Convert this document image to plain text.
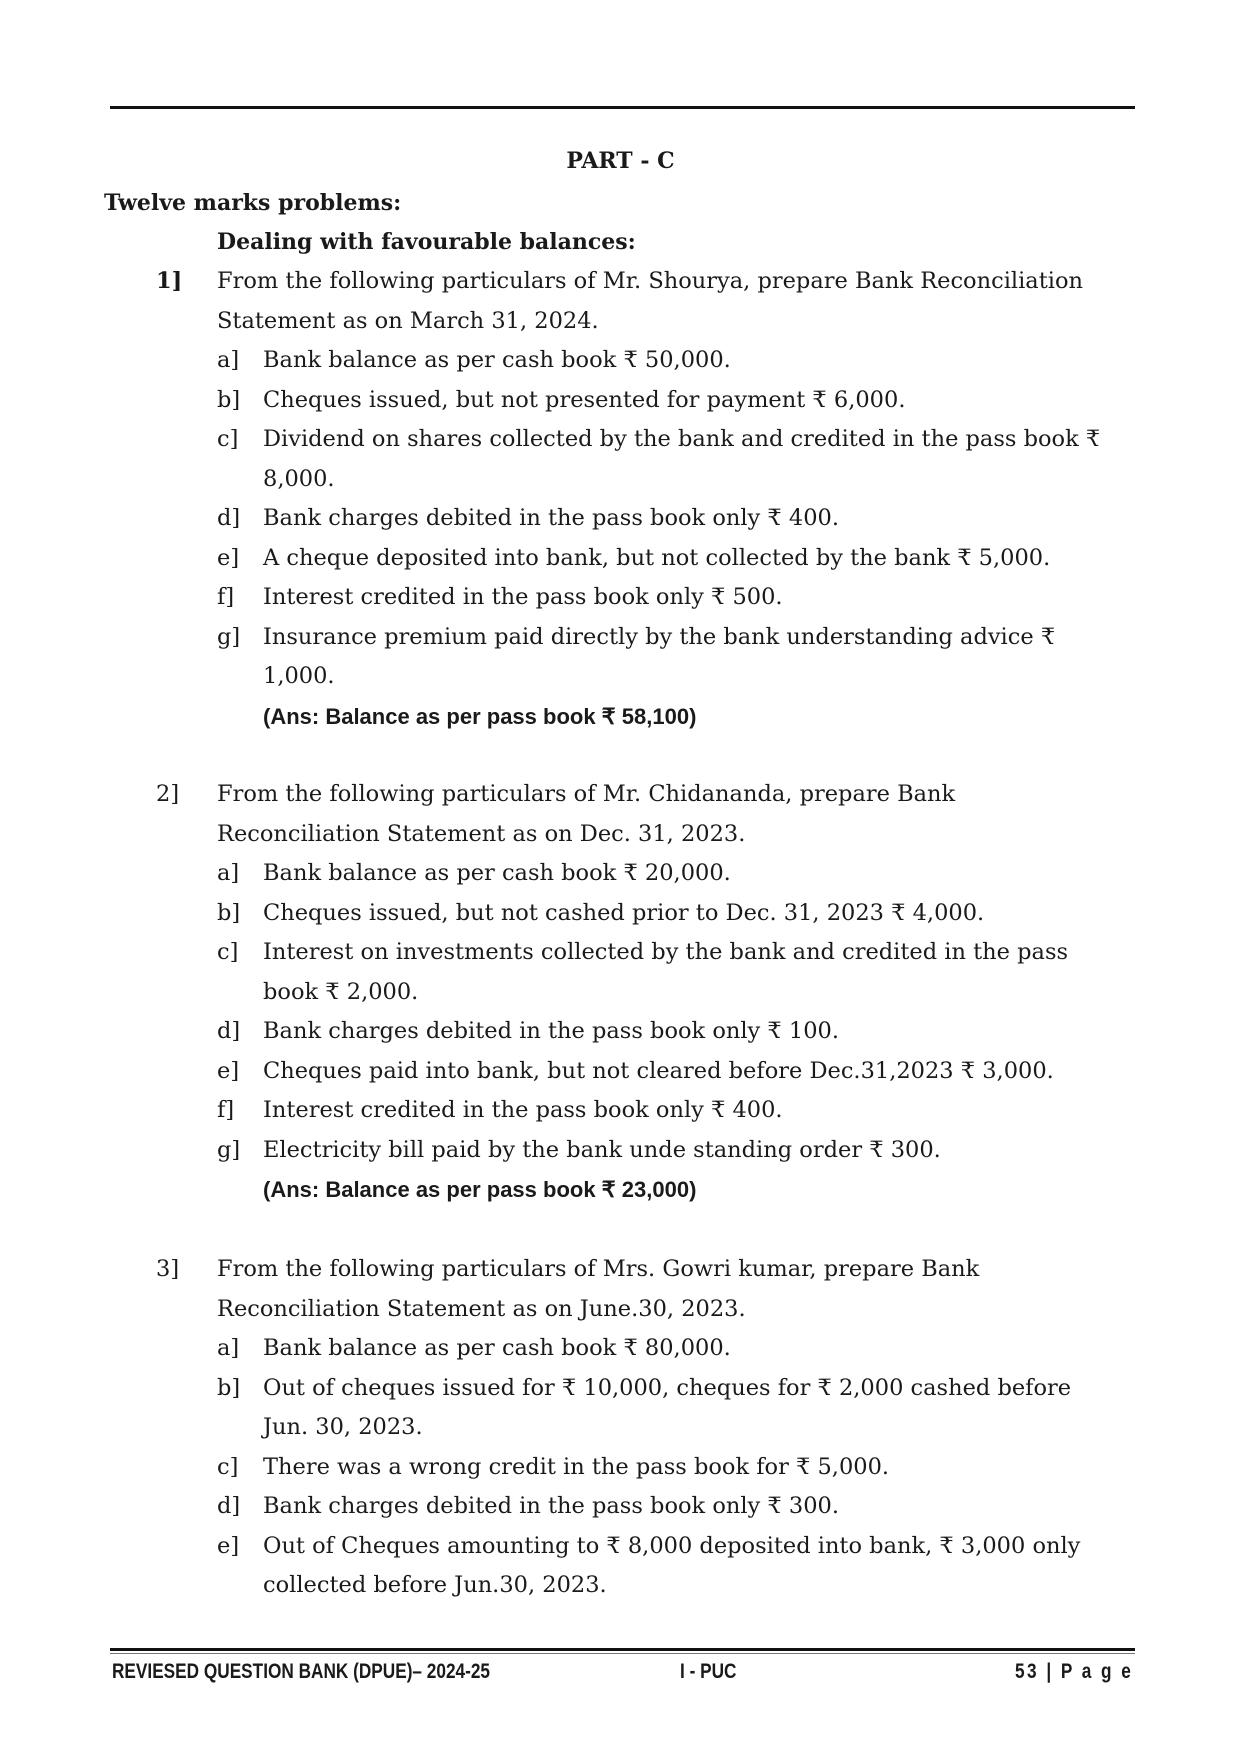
PART - C
Twelve marks problems:
Dealing with favourable balances:
1] From the following particulars of Mr. Shourya, prepare Bank Reconciliation Statement as on March 31, 2024.
a] Bank balance as per cash book ₹ 50,000.
b] Cheques issued, but not presented for payment ₹ 6,000.
c] Dividend on shares collected by the bank and credited in the pass book ₹ 8,000.
d] Bank charges debited in the pass book only ₹ 400.
e] A cheque deposited into bank, but not collected by the bank ₹ 5,000.
f] Interest credited in the pass book only ₹ 500.
g] Insurance premium paid directly by the bank understanding advice ₹ 1,000.
(Ans: Balance as per pass book ₹ 58,100)
2] From the following particulars of Mr. Chidananda, prepare Bank Reconciliation Statement as on Dec. 31, 2023.
a] Bank balance as per cash book ₹ 20,000.
b] Cheques issued, but not cashed prior to Dec. 31, 2023 ₹ 4,000.
c] Interest on investments collected by the bank and credited in the pass book ₹ 2,000.
d] Bank charges debited in the pass book only ₹ 100.
e] Cheques paid into bank, but not cleared before Dec.31,2023 ₹ 3,000.
f] Interest credited in the pass book only ₹ 400.
g] Electricity bill paid by the bank unde standing order ₹ 300.
(Ans: Balance as per pass book ₹ 23,000)
3] From the following particulars of Mrs. Gowri kumar, prepare Bank Reconciliation Statement as on June.30, 2023.
a] Bank balance as per cash book ₹ 80,000.
b] Out of cheques issued for ₹ 10,000, cheques for ₹ 2,000 cashed before Jun. 30, 2023.
c] There was a wrong credit in the pass book for ₹ 5,000.
d] Bank charges debited in the pass book only ₹ 300.
e] Out of Cheques amounting to ₹ 8,000 deposited into bank, ₹ 3,000 only collected before Jun.30, 2023.
REVIESED QUESTION BANK (DPUE)– 2024-25	I - PUC	53 | P a g e
